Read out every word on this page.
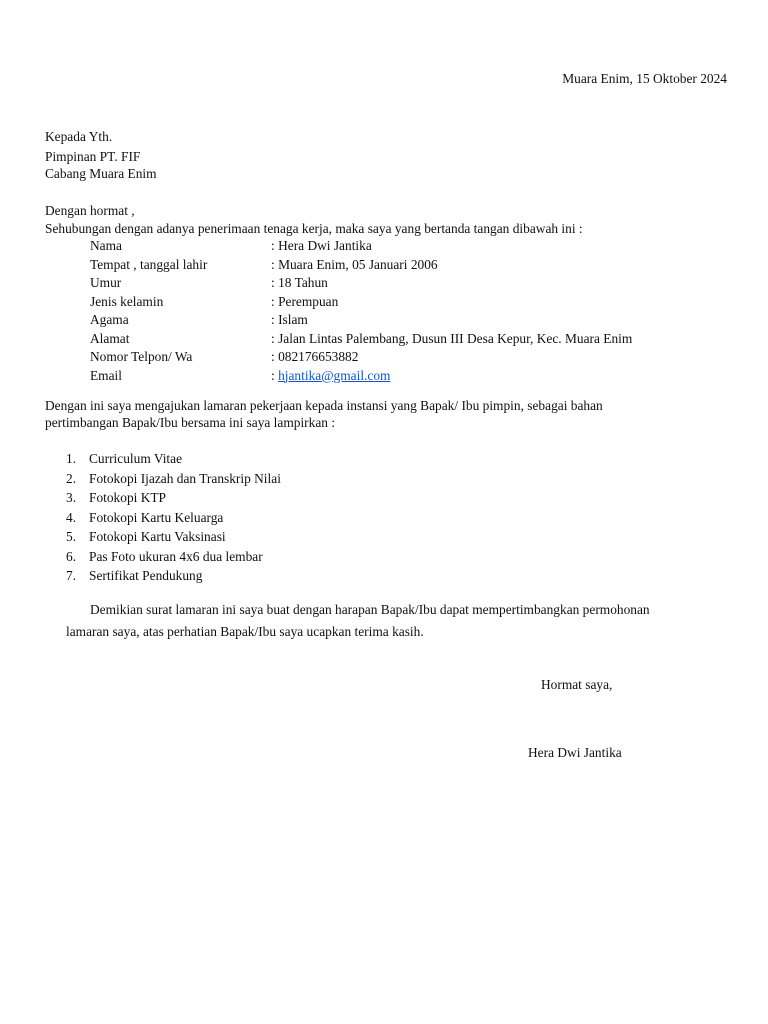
Muara Enim, 15 Oktober 2024
Kepada Yth.
Pimpinan PT. FIF
Cabang Muara Enim
Dengan hormat ,
Sehubungan dengan adanya penerimaan tenaga kerja, maka saya yang bertanda tangan dibawah ini :
Nama	: Hera Dwi Jantika
Tempat , tanggal lahir	: Muara Enim, 05 Januari 2006
Umur	: 18 Tahun
Jenis kelamin	: Perempuan
Agama	: Islam
Alamat	: Jalan Lintas Palembang, Dusun III Desa Kepur, Kec. Muara Enim
Nomor Telpon/ Wa	: 082176653882
Email	: hjantika@gmail.com
Dengan ini saya mengajukan lamaran pekerjaan kepada instansi yang Bapak/ Ibu pimpin, sebagai bahan
pertimbangan Bapak/Ibu bersama ini saya lampirkan :
1. Curriculum Vitae
2. Fotokopi Ijazah dan Transkrip Nilai
3. Fotokopi KTP
4. Fotokopi Kartu Keluarga
5. Fotokopi Kartu Vaksinasi
6. Pas Foto ukuran 4x6 dua lembar
7. Sertifikat Pendukung
Demikian surat lamaran ini saya buat dengan harapan Bapak/Ibu dapat mempertimbangkan permohonan
lamaran saya, atas perhatian Bapak/Ibu saya ucapkan terima kasih.
Hormat saya,
Hera Dwi Jantika
